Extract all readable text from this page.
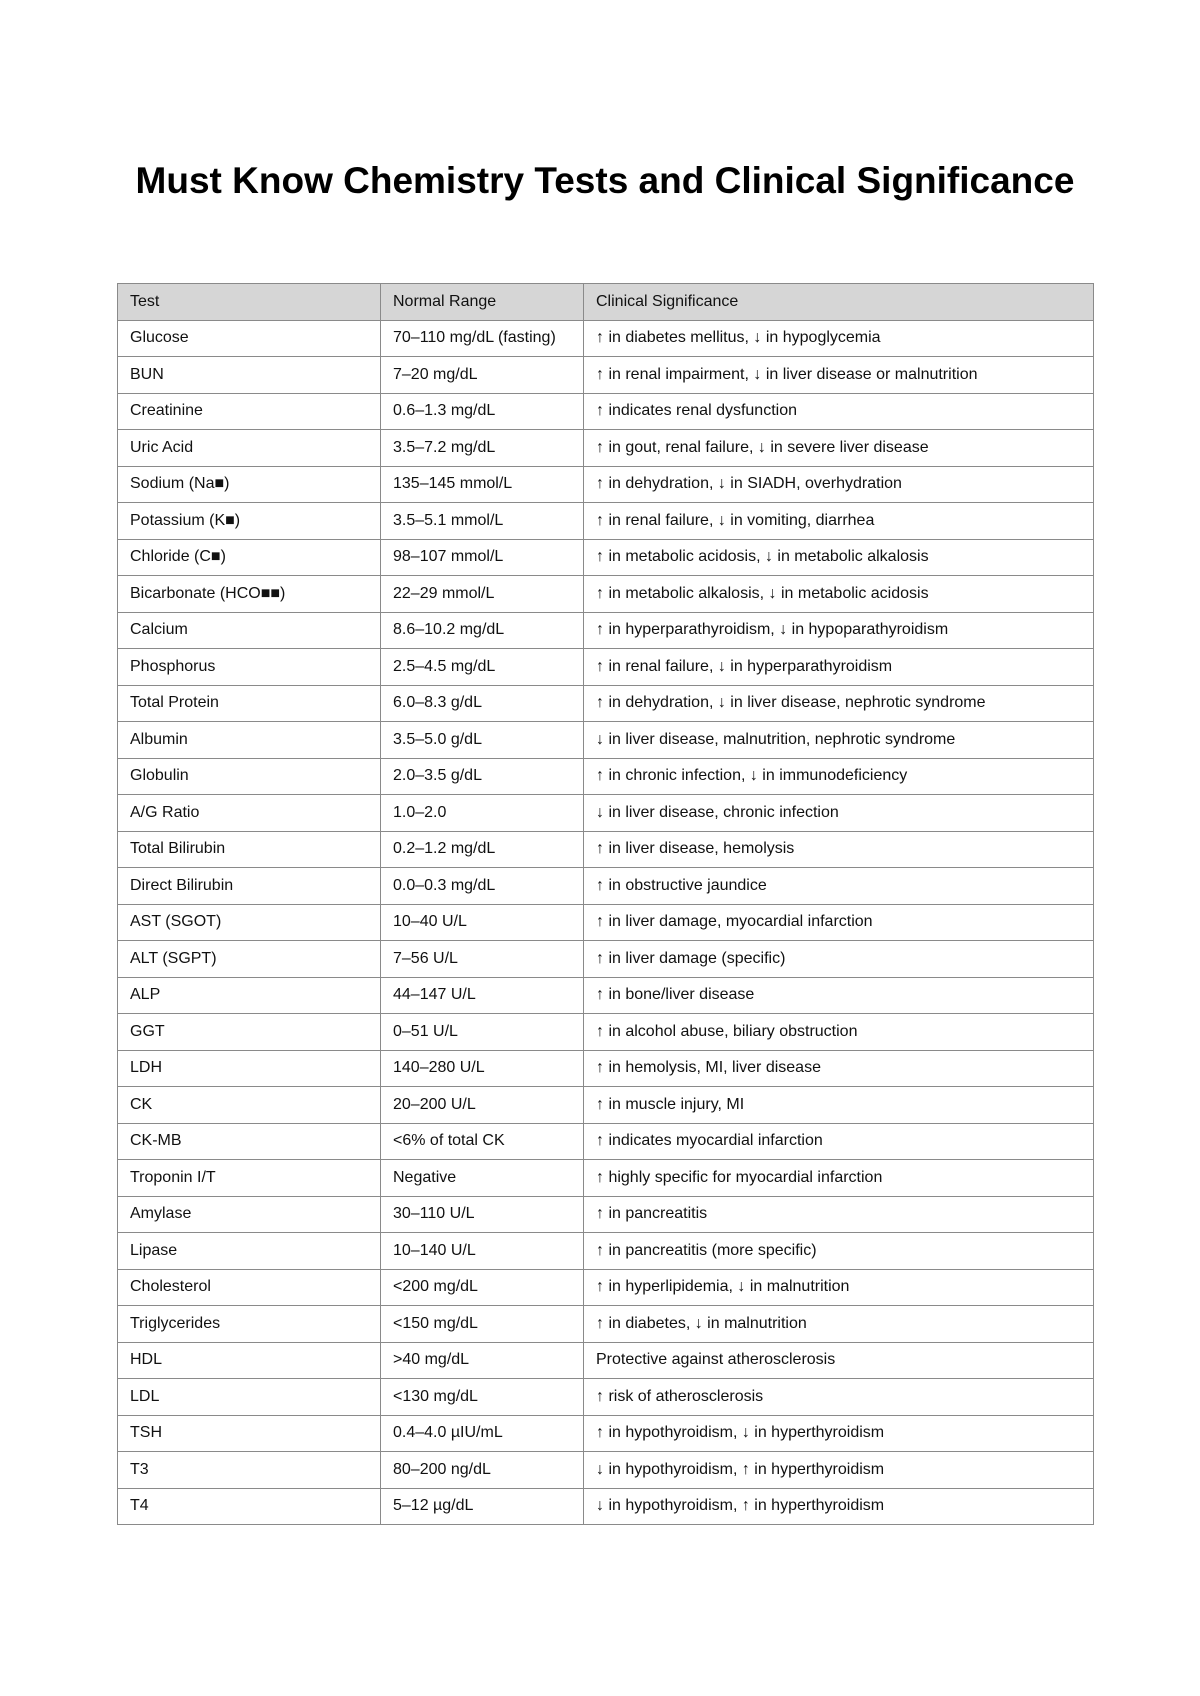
Must Know Chemistry Tests and Clinical Significance
Test	Normal Range	Clinical Significance
Glucose	70–110 mg/dL (fasting)	↑ in diabetes mellitus, ↓ in hypoglycemia
BUN	7–20 mg/dL	↑ in renal impairment, ↓ in liver disease or malnutrition
Creatinine	0.6–1.3 mg/dL	↑ indicates renal dysfunction
Uric Acid	3.5–7.2 mg/dL	↑ in gout, renal failure, ↓ in severe liver disease
Sodium (Na■)	135–145 mmol/L	↑ in dehydration, ↓ in SIADH, overhydration
Potassium (K■)	3.5–5.1 mmol/L	↑ in renal failure, ↓ in vomiting, diarrhea
Chloride (C■)	98–107 mmol/L	↑ in metabolic acidosis, ↓ in metabolic alkalosis
Bicarbonate (HCO■■)	22–29 mmol/L	↑ in metabolic alkalosis, ↓ in metabolic acidosis
Calcium	8.6–10.2 mg/dL	↑ in hyperparathyroidism, ↓ in hypoparathyroidism
Phosphorus	2.5–4.5 mg/dL	↑ in renal failure, ↓ in hyperparathyroidism
Total Protein	6.0–8.3 g/dL	↑ in dehydration, ↓ in liver disease, nephrotic syndrome
Albumin	3.5–5.0 g/dL	↓ in liver disease, malnutrition, nephrotic syndrome
Globulin	2.0–3.5 g/dL	↑ in chronic infection, ↓ in immunodeficiency
A/G Ratio	1.0–2.0	↓ in liver disease, chronic infection
Total Bilirubin	0.2–1.2 mg/dL	↑ in liver disease, hemolysis
Direct Bilirubin	0.0–0.3 mg/dL	↑ in obstructive jaundice
AST (SGOT)	10–40 U/L	↑ in liver damage, myocardial infarction
ALT (SGPT)	7–56 U/L	↑ in liver damage (specific)
ALP	44–147 U/L	↑ in bone/liver disease
GGT	0–51 U/L	↑ in alcohol abuse, biliary obstruction
LDH	140–280 U/L	↑ in hemolysis, MI, liver disease
CK	20–200 U/L	↑ in muscle injury, MI
CK-MB	<6% of total CK	↑ indicates myocardial infarction
Troponin I/T	Negative	↑ highly specific for myocardial infarction
Amylase	30–110 U/L	↑ in pancreatitis
Lipase	10–140 U/L	↑ in pancreatitis (more specific)
Cholesterol	<200 mg/dL	↑ in hyperlipidemia, ↓ in malnutrition
Triglycerides	<150 mg/dL	↑ in diabetes, ↓ in malnutrition
HDL	>40 mg/dL	Protective against atherosclerosis
LDL	<130 mg/dL	↑ risk of atherosclerosis
TSH	0.4–4.0 µIU/mL	↑ in hypothyroidism, ↓ in hyperthyroidism
T3	80–200 ng/dL	↓ in hypothyroidism, ↑ in hyperthyroidism
T4	5–12 µg/dL	↓ in hypothyroidism, ↑ in hyperthyroidism
